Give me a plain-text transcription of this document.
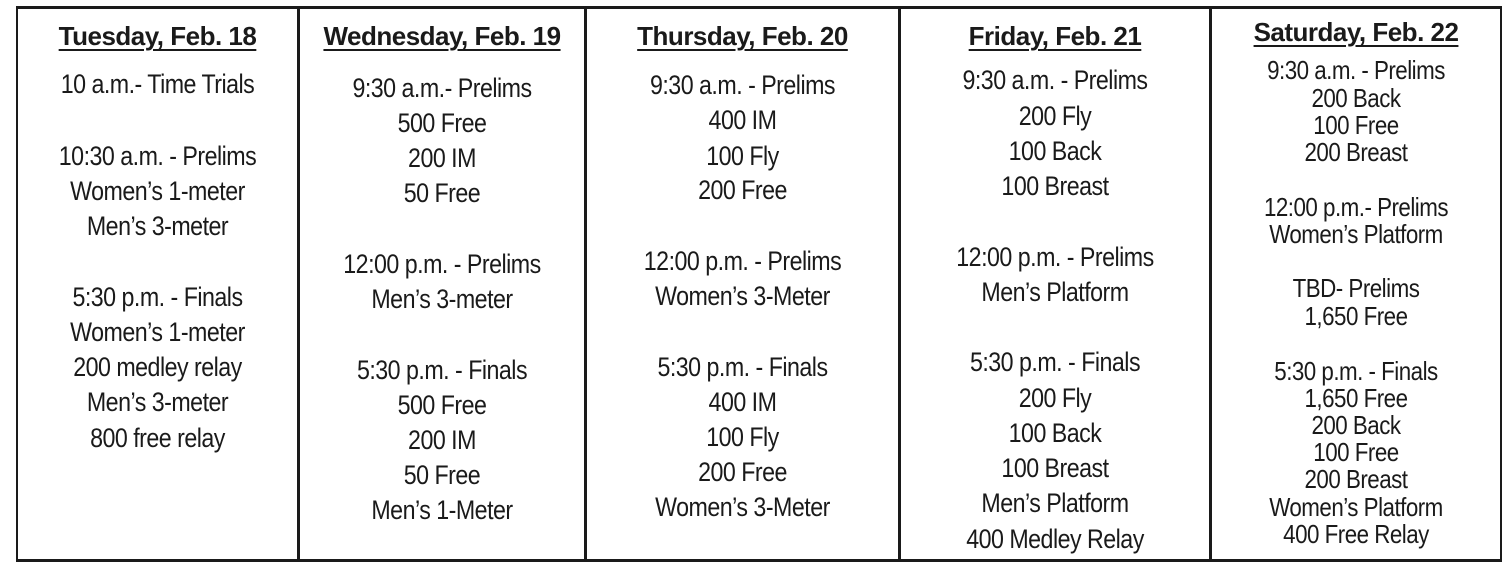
Tuesday, Feb. 18
10 a.m.- Time Trials
10:30 a.m. - Prelims
Women’s 1-meter
Men’s 3-meter
5:30 p.m. - Finals
Women’s 1-meter
200 medley relay
Men’s 3-meter
800 free relay
Wednesday, Feb. 19
9:30 a.m.- Prelims
500 Free
200 IM
50 Free
12:00 p.m. - Prelims
Men’s 3-meter
5:30 p.m. - Finals
500 Free
200 IM
50 Free
Men’s 1-Meter
Thursday, Feb. 20
9:30 a.m. - Prelims
400 IM
100 Fly
200 Free
12:00 p.m. - Prelims
Women’s 3-Meter
5:30 p.m. - Finals
400 IM
100 Fly
200 Free
Women’s 3-Meter
Friday, Feb. 21
9:30 a.m. - Prelims
200 Fly
100 Back
100 Breast
12:00 p.m. - Prelims
Men’s Platform
5:30 p.m. - Finals
200 Fly
100 Back
100 Breast
Men’s Platform
400 Medley Relay
Saturday, Feb. 22
9:30 a.m. - Prelims
200 Back
100 Free
200 Breast
12:00 p.m.- Prelims
Women’s Platform
TBD- Prelims
1,650 Free
5:30 p.m. - Finals
1,650 Free
200 Back
100 Free
200 Breast
Women’s Platform
400 Free Relay
